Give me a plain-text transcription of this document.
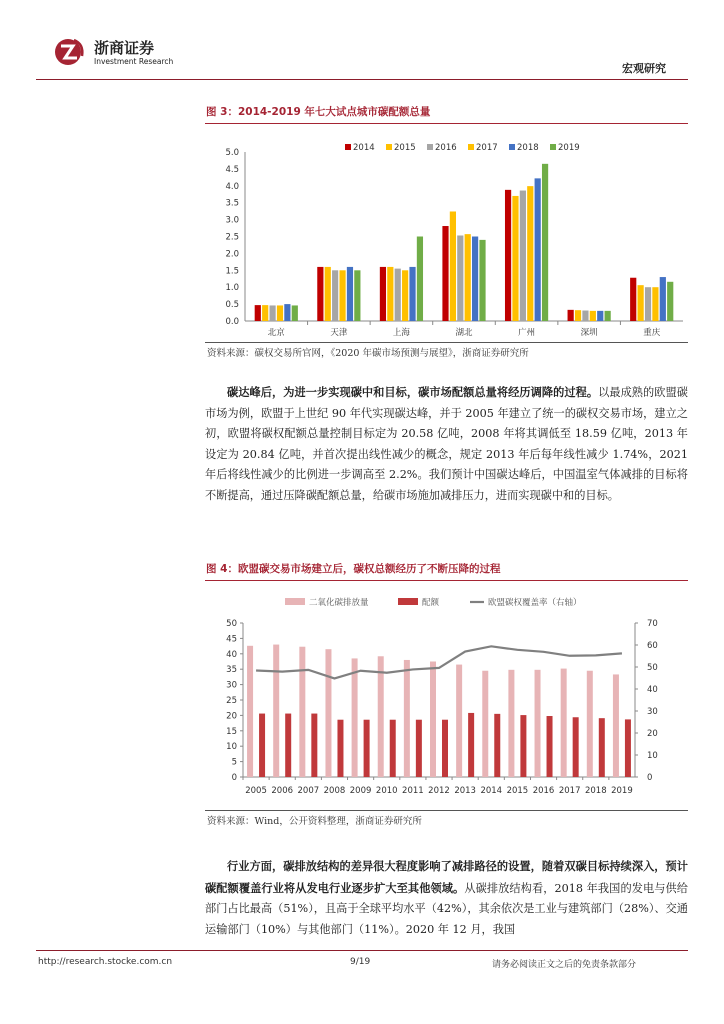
浙商证券
Investment Research
宏观研究
图 3：2014-2019 年七大试点城市碳配额总量
0.0
0.5
1.0
1.5
2.0
2.5
3.0
3.5
4.0
4.5
5.0
北京	天津	上海	湖北	广州	深圳	重庆
2014 2015 2016 2017 2018 2019
资料来源：碳权交易所官网，《2020 年碳市场预测与展望》，浙商证券研究所
碳达峰后，为进一步实现碳中和目标，碳市场配额总量将经历调降的过程。以最成熟的欧盟碳市场为例，欧盟于上世纪 90 年代实现碳达峰，并于 2005 年建立了统一的碳权交易市场，建立之初，欧盟将碳权配额总量控制目标定为 20.58 亿吨，2008 年将其调低至 18.59 亿吨，2013 年设定为 20.84 亿吨，并首次提出线性减少的概念，规定 2013 年后每年线性减少 1.74%，2021 年后将线性减少的比例进一步调高至 2.2%。我们预计中国碳达峰后，中国温室气体减排的目标将不断提高，通过压降碳配额总量，给碳市场施加减排压力，进而实现碳中和的目标。
图 4：欧盟碳交易市场建立后，碳权总额经历了不断压降的过程
0
5
10
15
20
25
30
35
40
45
50
0
10
20
30
40
50
60
70
2005 2006 2007 2008 2009 2010 2011 2012 2013 2014 2015 2016 2017 2018 2019
二氧化碳排放量	配额	欧盟碳权覆盖率（右轴）
资料来源：Wind，公开资料整理，浙商证券研究所
行业方面，碳排放结构的差异很大程度影响了减排路径的设置，随着双碳目标持续深入，预计碳配额覆盖行业将从发电行业逐步扩大至其他领域。从碳排放结构看，2018 年我国的发电与供给部门占比最高（51%），且高于全球平均水平（42%），其余依次是工业与建筑部门（28%）、交通运输部门（10%）与其他部门（11%）。2020 年 12 月，我国
http://research.stocke.com.cn	9/19	请务必阅读正文之后的免责条款部分
